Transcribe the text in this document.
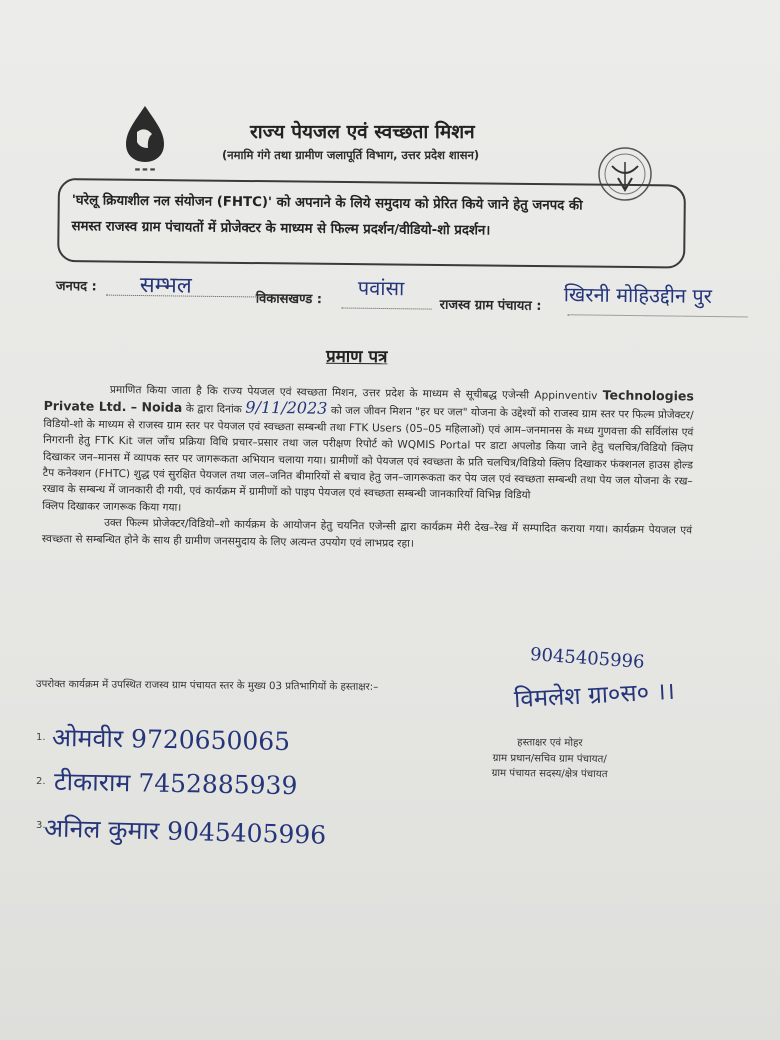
▬ ▬ ▬
राज्य पेयजल एवं स्वच्छता मिशन
(नमामि गंगे तथा ग्रामीण जलापूर्ति विभाग, उत्तर प्रदेश शासन)

'घरेलू क्रियाशील नल संयोजन (FHTC)' को अपनाने के लिये समुदाय को प्रेरित किये जाने हेतु जनपद की

समस्त राजस्व ग्राम पंचायतों में प्रोजेक्टर के माध्यम से फिल्म प्रदर्शन/वीडियो-शो प्रदर्शन।

जनपद : सम्भल
विकासखण्ड : पवांसा
राजस्व ग्राम पंचायत : खिरनी मोहिउद्दीन पुर
प्रमाण पत्र

प्रमाणित किया जाता है कि राज्य पेयजल एवं स्वच्छता मिशन, उत्तर प्रदेश के माध्यम से सूचीबद्ध एजेन्सी Appinventiv Technologies Private Ltd. – Noida के द्वारा दिनांक 9/11/2023 को जल जीवन मिशन "हर घर जल" योजना के उद्देश्यों को राजस्व ग्राम स्तर पर फिल्म प्रोजेक्टर/विडियो-शो के माध्यम से राजस्व ग्राम स्तर पर पेयजल एवं स्वच्छता सम्बन्धी तथा FTK Users (05–05 महिलाओं) एवं आम–जनमानस के मध्य गुणवत्ता की सर्विलांस एवं निगरानी हेतु FTK Kit जल जाँच प्रक्रिया विधि प्रचार–प्रसार तथा जल परीक्षण रिपोर्ट को WQMIS Portal पर डाटा अपलोड किया जाने हेतु चलचित्र/विडियो क्लिप दिखाकर जन–मानस में व्यापक स्तर पर जागरूकता अभियान चलाया गया। ग्रामीणों को पेयजल एवं स्वच्छता के प्रति चलचित्र/विडियो क्लिप दिखाकर फंक्शनल हाउस होल्ड टैप कनेक्शन (FHTC) शुद्ध एवं सुरक्षित पेयजल तथा जल–जनित बीमारियों से बचाव हेतु जन–जागरूकता कर पेय जल एवं स्वच्छता सम्बन्धी तथा पेय जल योजना के रख–रखाव के सम्बन्ध में जानकारी दी गयी, एवं कार्यक्रम में ग्रामीणों को पाइप पेयजल एवं स्वच्छता सम्बन्धी जानकारियाँ विभिन्न विडियो
क्लिप दिखाकर जागरूक किया गया।

उक्त फिल्म प्रोजेक्टर/विडियो–शो कार्यक्रम के आयोजन हेतु चयनित एजेन्सी द्वारा कार्यक्रम मेरी देख–रेख में सम्पादित कराया गया। कार्यक्रम पेयजल एवं स्वच्छता से सम्बन्धित होने के साथ ही ग्रामीण जनसमुदाय के लिए अत्यन्त उपयोग एवं लाभप्रद रहा।

उपरोक्त कार्यक्रम में उपस्थित राजस्व ग्राम पंचायत स्तर के मुख्य 03 प्रतिभागियों के हस्ताक्षर:–
1. ओमवीर 9720650065
2. टीकाराम 7452885939
3.
अनिल कुमार 9045405996
9045405996
विमलेश ग्रा०स० ।।
हस्ताक्षर एवं मोहर
ग्राम प्रधान/सचिव ग्राम पंचायत/
ग्राम पंचायत सदस्य/क्षेत्र पंचायत
